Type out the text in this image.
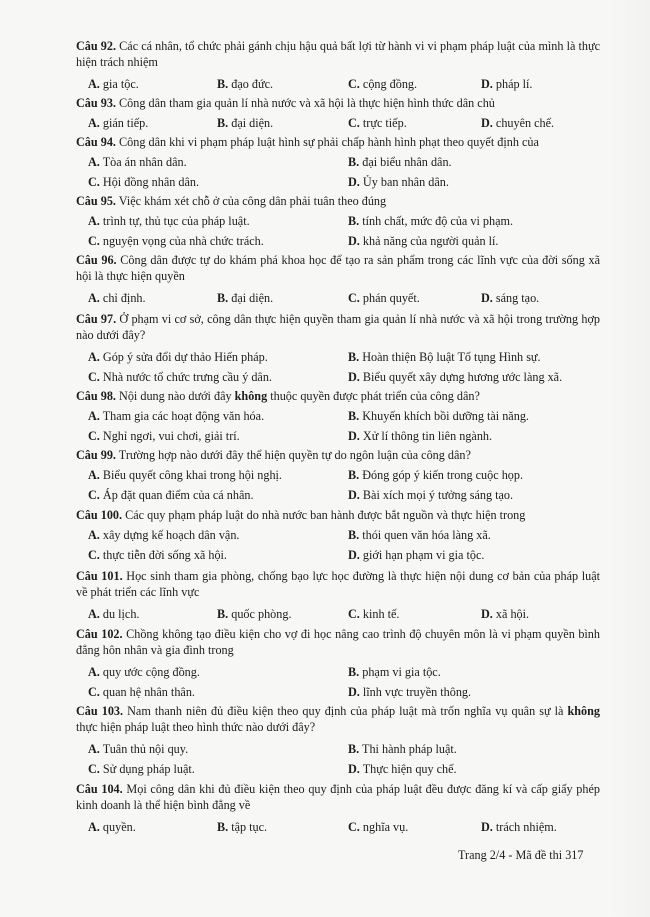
Câu 92. Các cá nhân, tổ chức phải gánh chịu hậu quả bất lợi từ hành vi vi phạm pháp luật của mình là thực hiện trách nhiệm
A. gia tộc.	B. đạo đức.	C. cộng đồng.	D. pháp lí.
Câu 93. Công dân tham gia quản lí nhà nước và xã hội là thực hiện hình thức dân chủ
A. gián tiếp.	B. đại diện.	C. trực tiếp.	D. chuyên chế.
Câu 94. Công dân khi vi phạm pháp luật hình sự phải chấp hành hình phạt theo quyết định của
A. Tòa án nhân dân.	B. đại biểu nhân dân.
C. Hội đồng nhân dân.	D. Ủy ban nhân dân.
Câu 95. Việc khám xét chỗ ở của công dân phải tuân theo đúng
A. trình tự, thủ tục của pháp luật.	B. tính chất, mức độ của vi phạm.
C. nguyện vọng của nhà chức trách.	D. khả năng của người quản lí.
Câu 96. Công dân được tự do khám phá khoa học để tạo ra sản phẩm trong các lĩnh vực của đời sống xã hội là thực hiện quyền
A. chỉ định.	B. đại diện.	C. phán quyết.	D. sáng tạo.
Câu 97. Ở phạm vi cơ sở, công dân thực hiện quyền tham gia quản lí nhà nước và xã hội trong trường hợp nào dưới đây?
A. Góp ý sửa đổi dự thảo Hiến pháp.	B. Hoàn thiện Bộ luật Tố tụng Hình sự.
C. Nhà nước tổ chức trưng cầu ý dân.	D. Biểu quyết xây dựng hương ước làng xã.
Câu 98. Nội dung nào dưới đây không thuộc quyền được phát triển của công dân?
A. Tham gia các hoạt động văn hóa.	B. Khuyến khích bồi dưỡng tài năng.
C. Nghỉ ngơi, vui chơi, giải trí.	D. Xử lí thông tin liên ngành.
Câu 99. Trường hợp nào dưới đây thể hiện quyền tự do ngôn luận của công dân?
A. Biểu quyết công khai trong hội nghị.	B. Đóng góp ý kiến trong cuộc họp.
C. Áp đặt quan điểm của cá nhân.	D. Bài xích mọi ý tưởng sáng tạo.
Câu 100. Các quy phạm pháp luật do nhà nước ban hành được bắt nguồn và thực hiện trong
A. xây dựng kế hoạch dân vận.	B. thói quen văn hóa làng xã.
C. thực tiễn đời sống xã hội.	D. giới hạn phạm vi gia tộc.
Câu 101. Học sinh tham gia phòng, chống bạo lực học đường là thực hiện nội dung cơ bản của pháp luật về phát triển các lĩnh vực
A. du lịch.	B. quốc phòng.	C. kinh tế.	D. xã hội.
Câu 102. Chồng không tạo điều kiện cho vợ đi học nâng cao trình độ chuyên môn là vi phạm quyền bình đẳng hôn nhân và gia đình trong
A. quy ước cộng đồng.	B. phạm vi gia tộc.
C. quan hệ nhân thân.	D. lĩnh vực truyền thông.
Câu 103. Nam thanh niên đủ điều kiện theo quy định của pháp luật mà trốn nghĩa vụ quân sự là không thực hiện pháp luật theo hình thức nào dưới đây?
A. Tuân thủ nội quy.	B. Thi hành pháp luật.
C. Sử dụng pháp luật.	D. Thực hiện quy chế.
Câu 104. Mọi công dân khi đủ điều kiện theo quy định của pháp luật đều được đăng kí và cấp giấy phép kinh doanh là thể hiện bình đẳng về
A. quyền.	B. tập tục.	C. nghĩa vụ.	D. trách nhiệm.
Trang 2/4 - Mã đề thi 317
